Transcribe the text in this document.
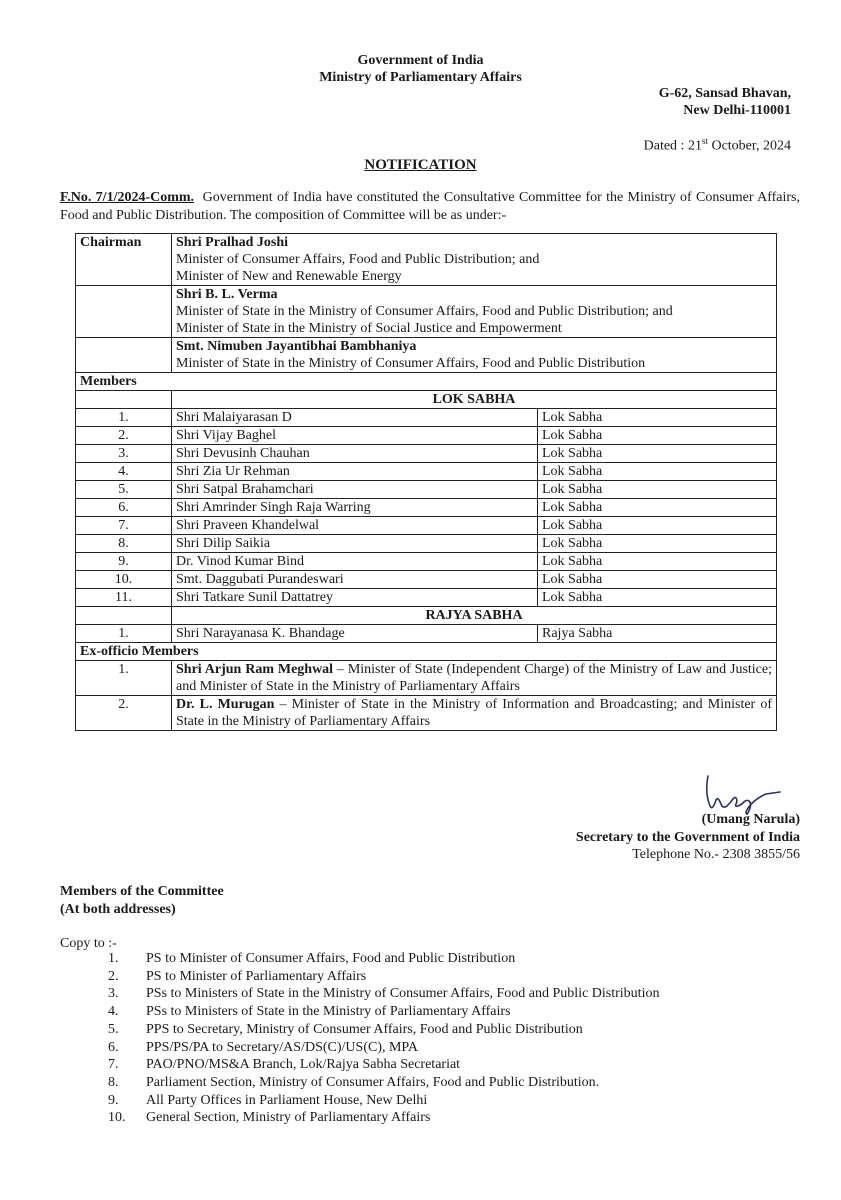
Government of India
Ministry of Parliamentary Affairs
G-62, Sansad Bhavan,
New Delhi-110001
Dated : 21st October, 2024
NOTIFICATION
F.No. 7/1/2024-Comm. Government of India have constituted the Consultative Committee for the Ministry of Consumer Affairs, Food and Public Distribution. The composition of Committee will be as under:-
Chairman	Shri Pralhad Joshi
Minister of Consumer Affairs, Food and Public Distribution; and
Minister of New and Renewable Energy	

	Shri B. L. Verma
Minister of State in the Ministry of Consumer Affairs, Food and Public Distribution; and
Minister of State in the Ministry of Social Justice and Empowerment	

	Smt. Nimuben Jayantibhai Bambhaniya
Minister of State in the Ministry of Consumer Affairs, Food and Public Distribution	

Members		
	LOK SABHA	
1.	Shri Malaiyarasan D	Lok Sabha
2.	Shri Vijay Baghel	Lok Sabha
3.	Shri Devusinh Chauhan	Lok Sabha
4.	Shri Zia Ur Rehman	Lok Sabha
5.	Shri Satpal Brahamchari	Lok Sabha
6.	Shri Amrinder Singh Raja Warring	Lok Sabha
7.	Shri Praveen Khandelwal	Lok Sabha
8.	Shri Dilip Saikia	Lok Sabha
9.	Dr. Vinod Kumar Bind	Lok Sabha
10.	Smt. Daggubati Purandeswari	Lok Sabha
11.	Shri Tatkare Sunil Dattatrey	Lok Sabha
	RAJYA SABHA	
1.	Shri Narayanasa K. Bhandage	Rajya Sabha
Ex-officio Members		
1.	Shri Arjun Ram Meghwal – Minister of State (Independent Charge) of the Ministry of Law and Justice; and Minister of State in the Ministry of Parliamentary Affairs	
2.	Dr. L. Murugan – Minister of State in the Ministry of Information and Broadcasting; and Minister of State in the Ministry of Parliamentary Affairs	
(Umang Narula)
Secretary to the Government of India
Telephone No.- 2308 3855/56
Members of the Committee
(At both addresses)
Copy to :-
1. PS to Minister of Consumer Affairs, Food and Public Distribution
2. PS to Minister of Parliamentary Affairs
3. PSs to Ministers of State in the Ministry of Consumer Affairs, Food and Public Distribution
4. PSs to Ministers of State in the Ministry of Parliamentary Affairs
5. PPS to Secretary, Ministry of Consumer Affairs, Food and Public Distribution
6. PPS/PS/PA to Secretary/AS/DS(C)/US(C), MPA
7. PAO/PNO/MS&A Branch, Lok/Rajya Sabha Secretariat
8. Parliament Section, Ministry of Consumer Affairs, Food and Public Distribution.
9. All Party Offices in Parliament House, New Delhi
10. General Section, Ministry of Parliamentary Affairs
